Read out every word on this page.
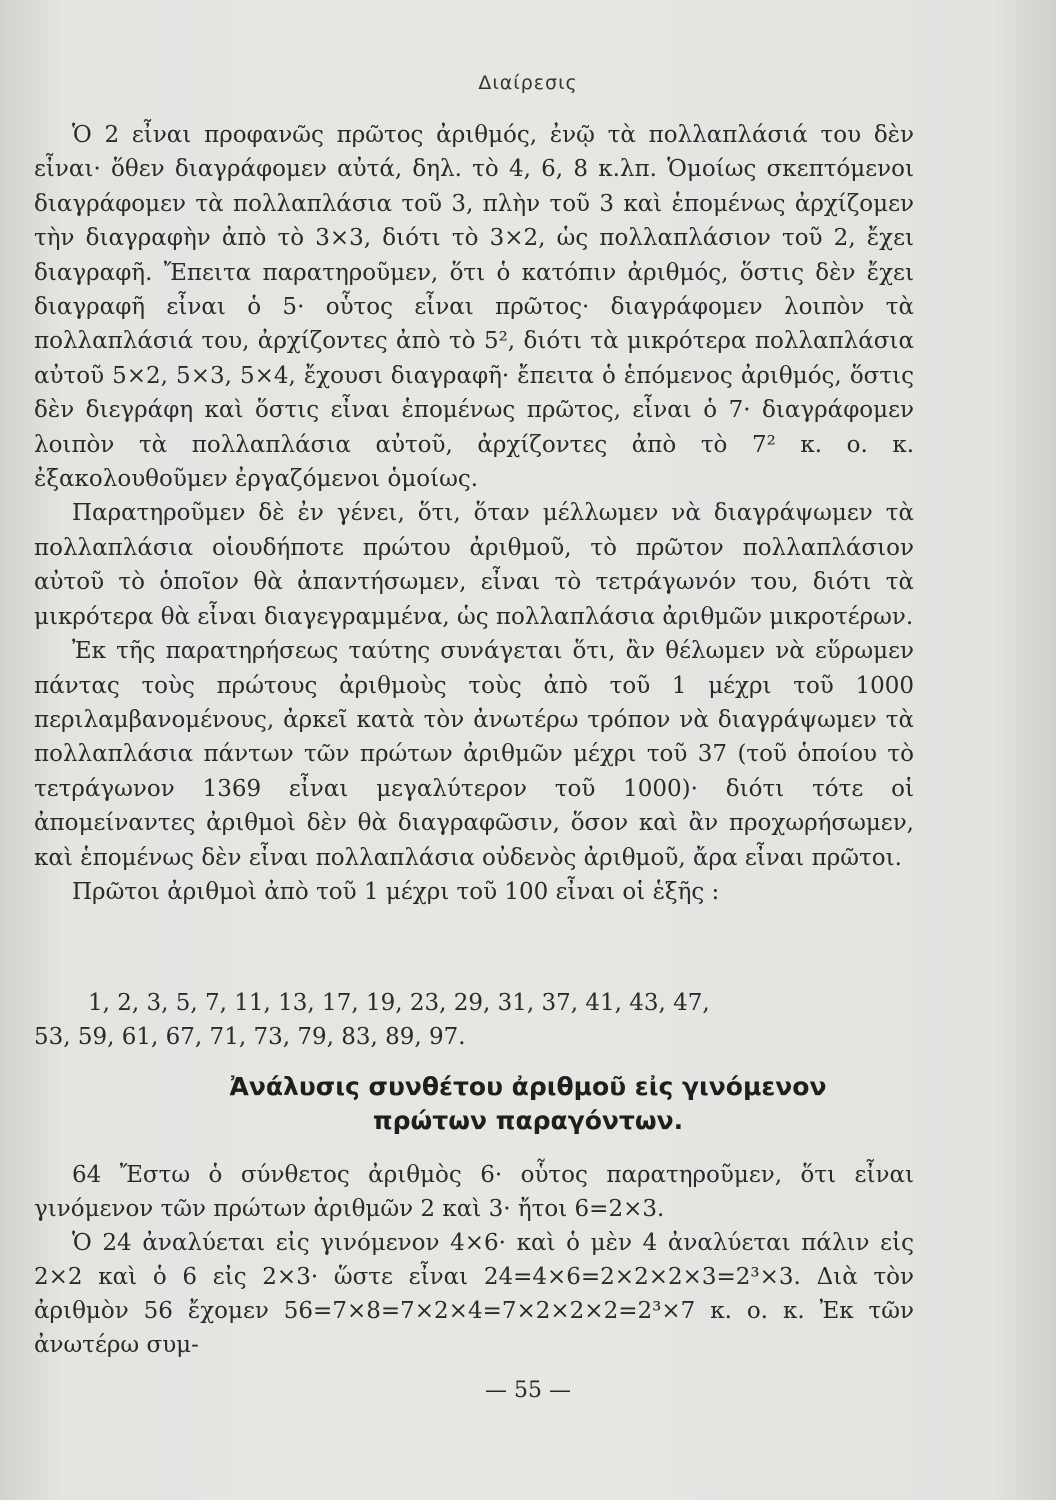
Διαίρεσις

Ὁ 2 εἶναι προφανῶς πρῶτος ἀριθμός, ἐνῷ τὰ πολλαπλάσιά του δὲν εἶναι· ὅθεν διαγράφομεν αὐτά, δηλ. τὸ 4, 6, 8 κ.λπ. Ὁμοίως σκεπτόμενοι διαγράφομεν τὰ πολλαπλάσια τοῦ 3, πλὴν τοῦ 3 καὶ ἑπομένως ἀρχίζομεν τὴν διαγραφὴν ἀπὸ τὸ 3×3, διότι τὸ 3×2, ὡς πολλαπλάσιον τοῦ 2, ἔχει διαγραφῆ. Ἔπειτα παρατηροῦμεν, ὅτι ὁ κατόπιν ἀριθμός, ὅστις δὲν ἔχει διαγραφῆ εἶναι ὁ 5· οὗτος εἶναι πρῶτος· διαγράφομεν λοιπὸν τὰ πολλαπλάσιά του, ἀρχίζοντες ἀπὸ τὸ 5², διότι τὰ μικρότερα πολλαπλάσια αὐτοῦ 5×2, 5×3, 5×4, ἔχουσι διαγραφῆ· ἔπειτα ὁ ἑπόμενος ἀριθμός, ὅστις δὲν διεγράφη καὶ ὅστις εἶναι ἑπομένως πρῶτος, εἶναι ὁ 7· διαγράφομεν λοιπὸν τὰ πολλαπλάσια αὐτοῦ, ἀρχίζοντες ἀπὸ τὸ 7² κ. ο. κ. ἐξακολουθοῦμεν ἐργαζόμενοι ὁμοίως.

Παρατηροῦμεν δὲ ἐν γένει, ὅτι, ὅταν μέλλωμεν νὰ διαγράψωμεν τὰ πολλαπλάσια οἱουδήποτε πρώτου ἀριθμοῦ, τὸ πρῶτον πολλαπλάσιον αὐτοῦ τὸ ὁποῖον θὰ ἀπαντήσωμεν, εἶναι τὸ τετράγωνόν του, διότι τὰ μικρότερα θὰ εἶναι διαγεγραμμένα, ὡς πολλαπλάσια ἀριθμῶν μικροτέρων.

Ἐκ τῆς παρατηρήσεως ταύτης συνάγεται ὅτι, ἂν θέλωμεν νὰ εὕρωμεν πάντας τοὺς πρώτους ἀριθμοὺς τοὺς ἀπὸ τοῦ 1 μέχρι τοῦ 1000 περιλαμβανομένους, ἀρκεῖ κατὰ τὸν ἀνωτέρω τρόπον νὰ διαγράψωμεν τὰ πολλαπλάσια πάντων τῶν πρώτων ἀριθμῶν μέχρι τοῦ 37 (τοῦ ὁποίου τὸ τετράγωνον 1369 εἶναι μεγαλύτερον τοῦ 1000)· διότι τότε οἱ ἀπομείναντες ἀριθμοὶ δὲν θὰ διαγραφῶσιν, ὅσον καὶ ἂν προχωρήσωμεν, καὶ ἑπομένως δὲν εἶναι πολλαπλάσια οὐδενὸς ἀριθμοῦ, ἄρα εἶναι πρῶτοι.

Πρῶτοι ἀριθμοὶ ἀπὸ τοῦ 1 μέχρι τοῦ 100 εἶναι οἱ ἑξῆς :

1, 2, 3, 5, 7, 11, 13, 17, 19, 23, 29, 31, 37, 41, 43, 47,
53, 59, 61, 67, 71, 73, 79, 83, 89, 97.
Ἀνάλυσις συνθέτου ἀριθμοῦ εἰς γινόμενον
πρώτων παραγόντων.

64 Ἔστω ὁ σύνθετος ἀριθμὸς 6· οὗτος παρατηροῦμεν, ὅτι εἶναι γινόμενον τῶν πρώτων ἀριθμῶν 2 καὶ 3· ἤτοι 6=2×3.

Ὁ 24 ἀναλύεται εἰς γινόμενον 4×6· καὶ ὁ μὲν 4 ἀναλύεται πάλιν εἰς 2×2 καὶ ὁ 6 εἰς 2×3· ὥστε εἶναι 24=4×6=2×2×2×3=2³×3. Διὰ τὸν ἀριθμὸν 56 ἔχομεν 56=7×8=7×2×4=7×2×2×2=2³×7 κ. ο. κ. Ἐκ τῶν ἀνωτέρω συμ-

— 55 —
